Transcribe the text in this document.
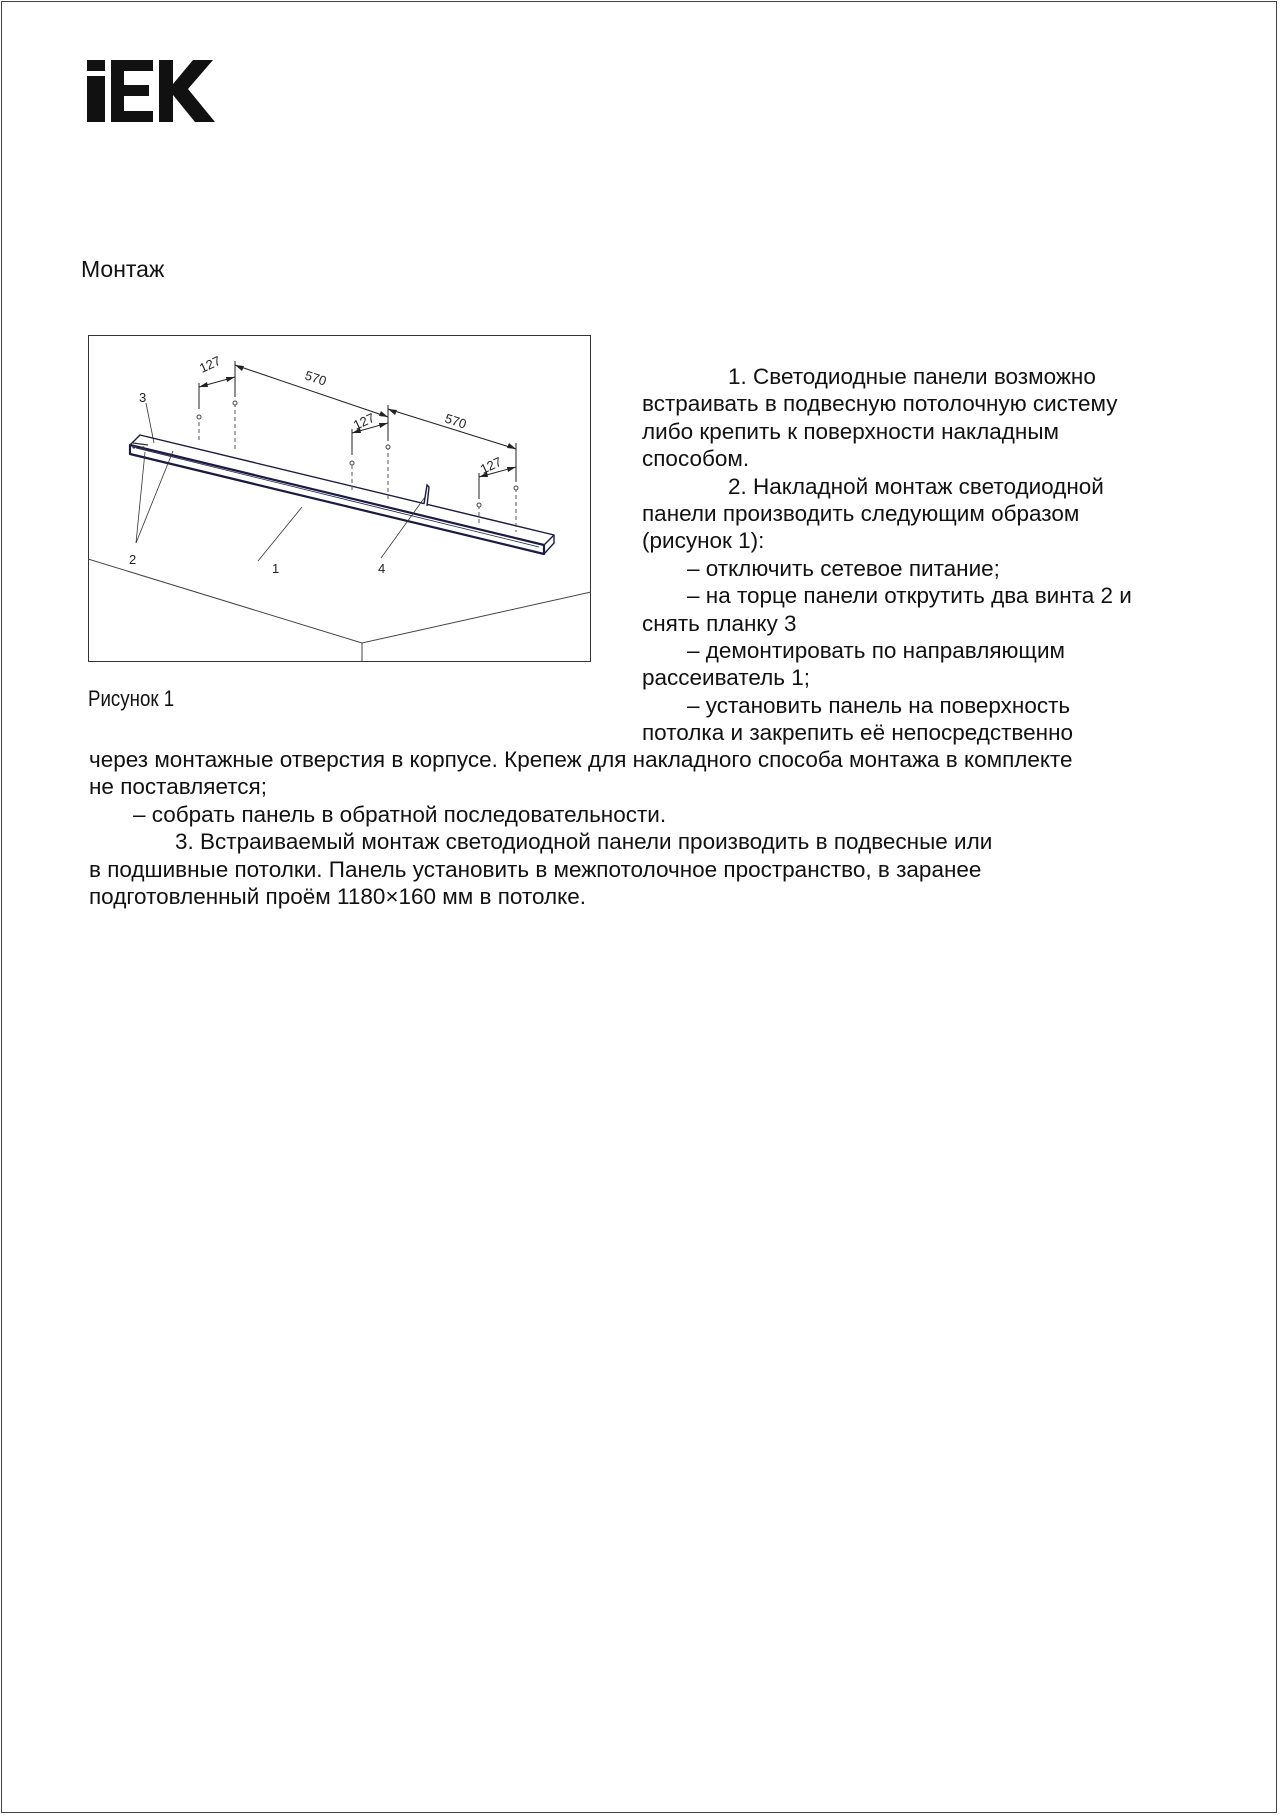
Монтаж
127
570
127	570
127
3
2
1	4
Рисунок 1
1. Светодиодные панели возможно
встраивать в подвесную потолочную систему
либо крепить к поверхности накладным
способом.
2. Накладной монтаж светодиодной
панели производить следующим образом
(рисунок 1):
– отключить сетевое питание;
– на торце панели открутить два винта 2 и
снять планку 3
– демонтировать по направляющим
рассеиватель 1;
– установить панель на поверхность
потолка и закрепить её непосредственно
через монтажные отверстия в корпусе. Крепеж для накладного способа монтажа в комплекте
не поставляется;
– собрать панель в обратной последовательности.
3. Встраиваемый монтаж светодиодной панели производить в подвесные или
в подшивные потолки. Панель установить в межпотолочное пространство, в заранее
подготовленный проём 1180×160 мм в потолке.
